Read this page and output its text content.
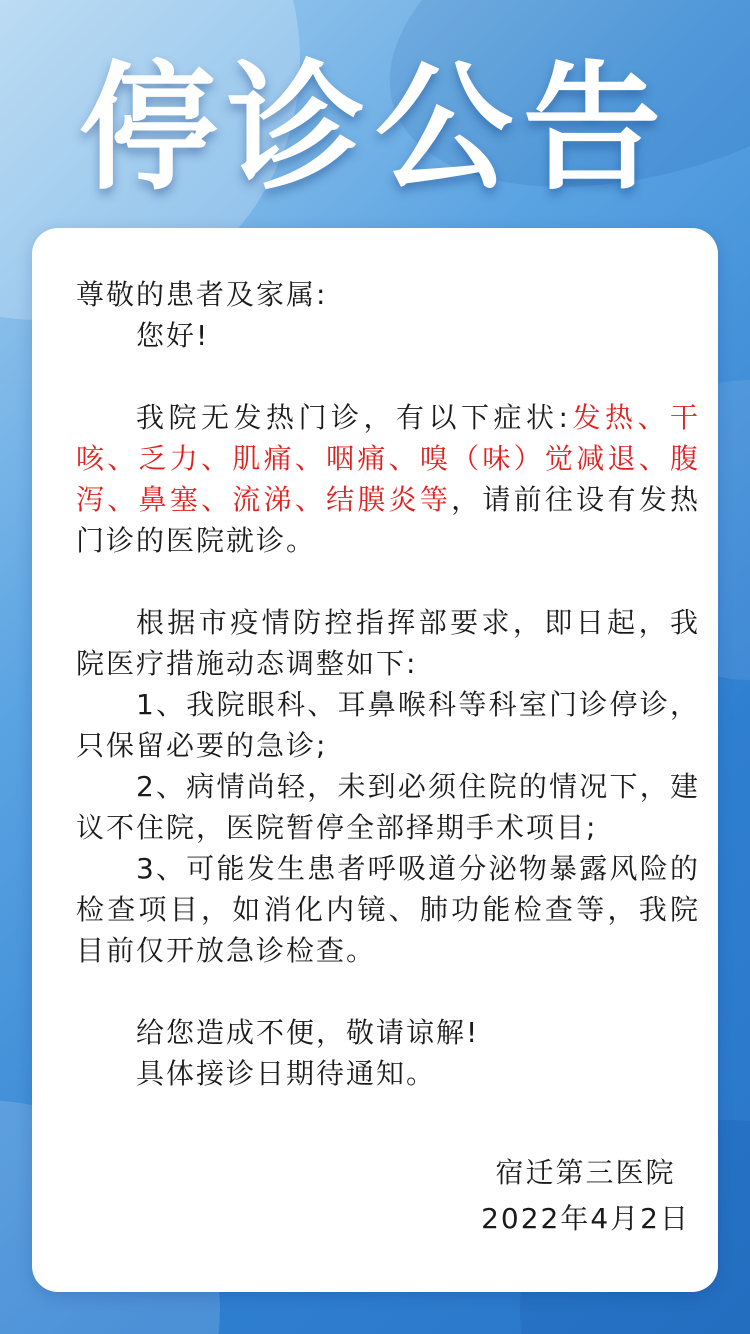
停诊公告

尊敬的患者及家属:

您好!

我院无发热门诊，有以下症状:发热、干咳、乏力、肌痛、咽痛、嗅（味）觉减退、腹泻、鼻塞、流涕、结膜炎等，请前往设有发热门诊的医院就诊。

根据市疫情防控指挥部要求，即日起，我院医疗措施动态调整如下:

1、我院眼科、耳鼻喉科等科室门诊停诊，只保留必要的急诊;

2、病情尚轻，未到必须住院的情况下，建议不住院，医院暂停全部择期手术项目;

3、可能发生患者呼吸道分泌物暴露风险的检查项目，如消化内镜、肺功能检查等，我院目前仅开放急诊检查。

给您造成不便，敬请谅解!

具体接诊日期待通知。

宿迁第三医院
2022年4月2日
